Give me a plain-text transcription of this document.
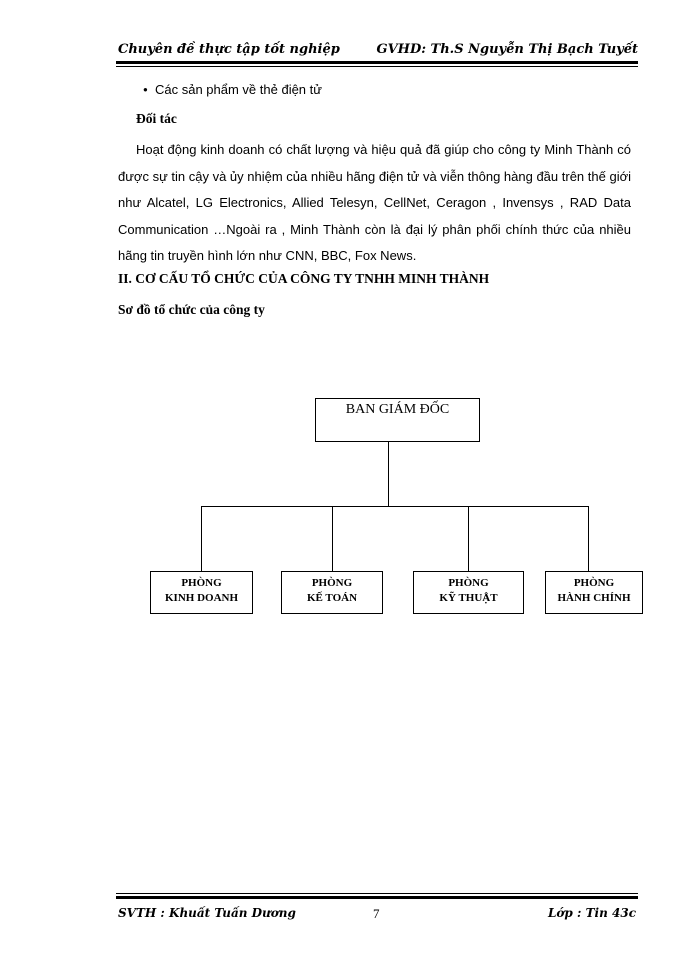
Chuyên đề thực tập tốt nghiệp	GVHD: Th.S Nguyễn Thị Bạch Tuyết
● Các sản phẩm về thẻ điện tử
Đối tác
Hoạt động kinh doanh có chất lượng và hiệu quả đã giúp cho công ty Minh Thành có được sự tin cậy và ủy nhiệm của nhiều hãng điện tử và viễn thông hàng đầu trên thế giới như Alcatel, LG Electronics, Allied Telesyn, CellNet, Ceragon , Invensys , RAD Data Communication …Ngoài ra , Minh Thành còn là đại lý phân phối chính thức của nhiều hãng tin truyền hình lớn như CNN, BBC, Fox News.
II. CƠ CẤU TỔ CHỨC CỦA CÔNG TY TNHH MINH THÀNH
Sơ đồ tổ chức của công ty
BAN GIÁM ĐỐC
PHÒNG
KINH DOANH
PHÒNG
KẾ TOÁN
PHÒNG
KỸ THUẬT
PHÒNG
HÀNH CHÍNH
SVTH : Khuất Tuấn Dương	7	Lớp : Tin 43c
